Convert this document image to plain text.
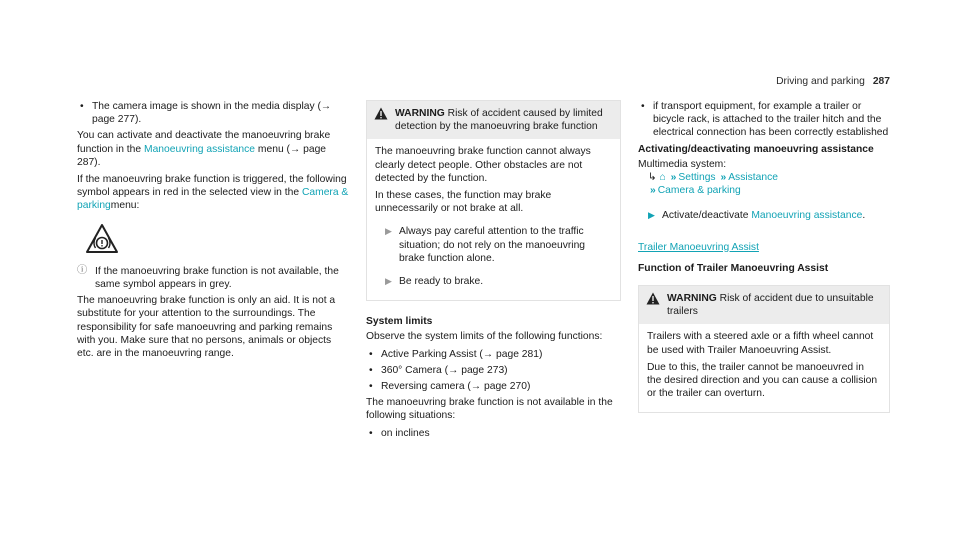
Driving and parking 287
• The camera image is shown in the media display (→ page 277).

You can activate and deactivate the manoeuvring brake function in the Manoeuvring assistance menu (→ page 287).

If the manoeuvring brake function is triggered, the following symbol appears in red in the selected view in the Camera & parkingmenu:

ⓘ If the manoeuvring brake function is not available, the same symbol appears in grey.

The manoeuvring brake function is only an aid. It is not a substitute for your attention to the surroundings. The responsibility for safe manoeuvring and parking remains with you. Make sure that no persons, animals or objects etc. are in the manoeuvring range.

WARNING Risk of accident caused by limited detection by the manoeuvring brake function

The manoeuvring brake function cannot always clearly detect people. Other obstacles are not detected by the function.

In these cases, the function may brake unnecessarily or not brake at all.

▶ Always pay careful attention to the traffic situation; do not rely on the manoeuvring brake function alone.
▶ Be ready to brake.
System limits

Observe the system limits of the following functions:

• Active Parking Assist (→ page 281)
• 360° Camera (→ page 273)
• Reversing camera (→ page 270)

The manoeuvring brake function is not available in the following situations:

• on inclines
• if transport equipment, for example a trailer or bicycle rack, is attached to the trailer hitch and the electrical connection has been correctly established
Activating/deactivating manoeuvring assistance
Multimedia system:
↳ ⌂ » Settings » Assistance
» Camera & parking
▶ Activate/deactivate Manoeuvring assistance.
Trailer Manoeuvring Assist
Function of Trailer Manoeuvring Assist
WARNING Risk of accident due to unsuitable trailers

Trailers with a steered axle or a fifth wheel cannot be used with Trailer Manoeuvring Assist.

Due to this, the trailer cannot be manoeuvred in the desired direction and you can cause a collision or the trailer can overturn.
